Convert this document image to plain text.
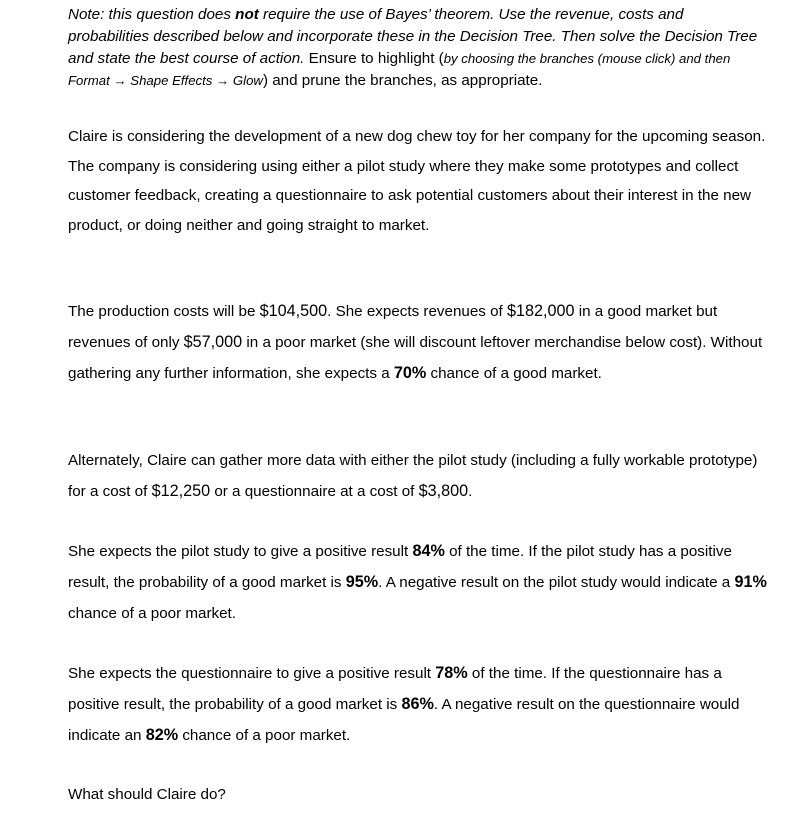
Note: this question does not require the use of Bayes’ theorem. Use the revenue, costs and probabilities described below and incorporate these in the Decision Tree. Then solve the Decision Tree and state the best course of action. Ensure to highlight (by choosing the branches (mouse click) and then Format → Shape Effects → Glow) and prune the branches, as appropriate.
Claire is considering the development of a new dog chew toy for her company for the upcoming season. The company is considering using either a pilot study where they make some prototypes and collect customer feedback, creating a questionnaire to ask potential customers about their interest in the new product, or doing neither and going straight to market.
The production costs will be $104,500. She expects revenues of $182,000 in a good market but revenues of only $57,000 in a poor market (she will discount leftover merchandise below cost). Without gathering any further information, she expects a 70% chance of a good market.
Alternately, Claire can gather more data with either the pilot study (including a fully workable prototype) for a cost of $12,250 or a questionnaire at a cost of $3,800.
She expects the pilot study to give a positive result 84% of the time. If the pilot study has a positive result, the probability of a good market is 95%. A negative result on the pilot study would indicate a 91% chance of a poor market.
She expects the questionnaire to give a positive result 78% of the time. If the questionnaire has a positive result, the probability of a good market is 86%. A negative result on the questionnaire would indicate an 82% chance of a poor market.
What should Claire do?
